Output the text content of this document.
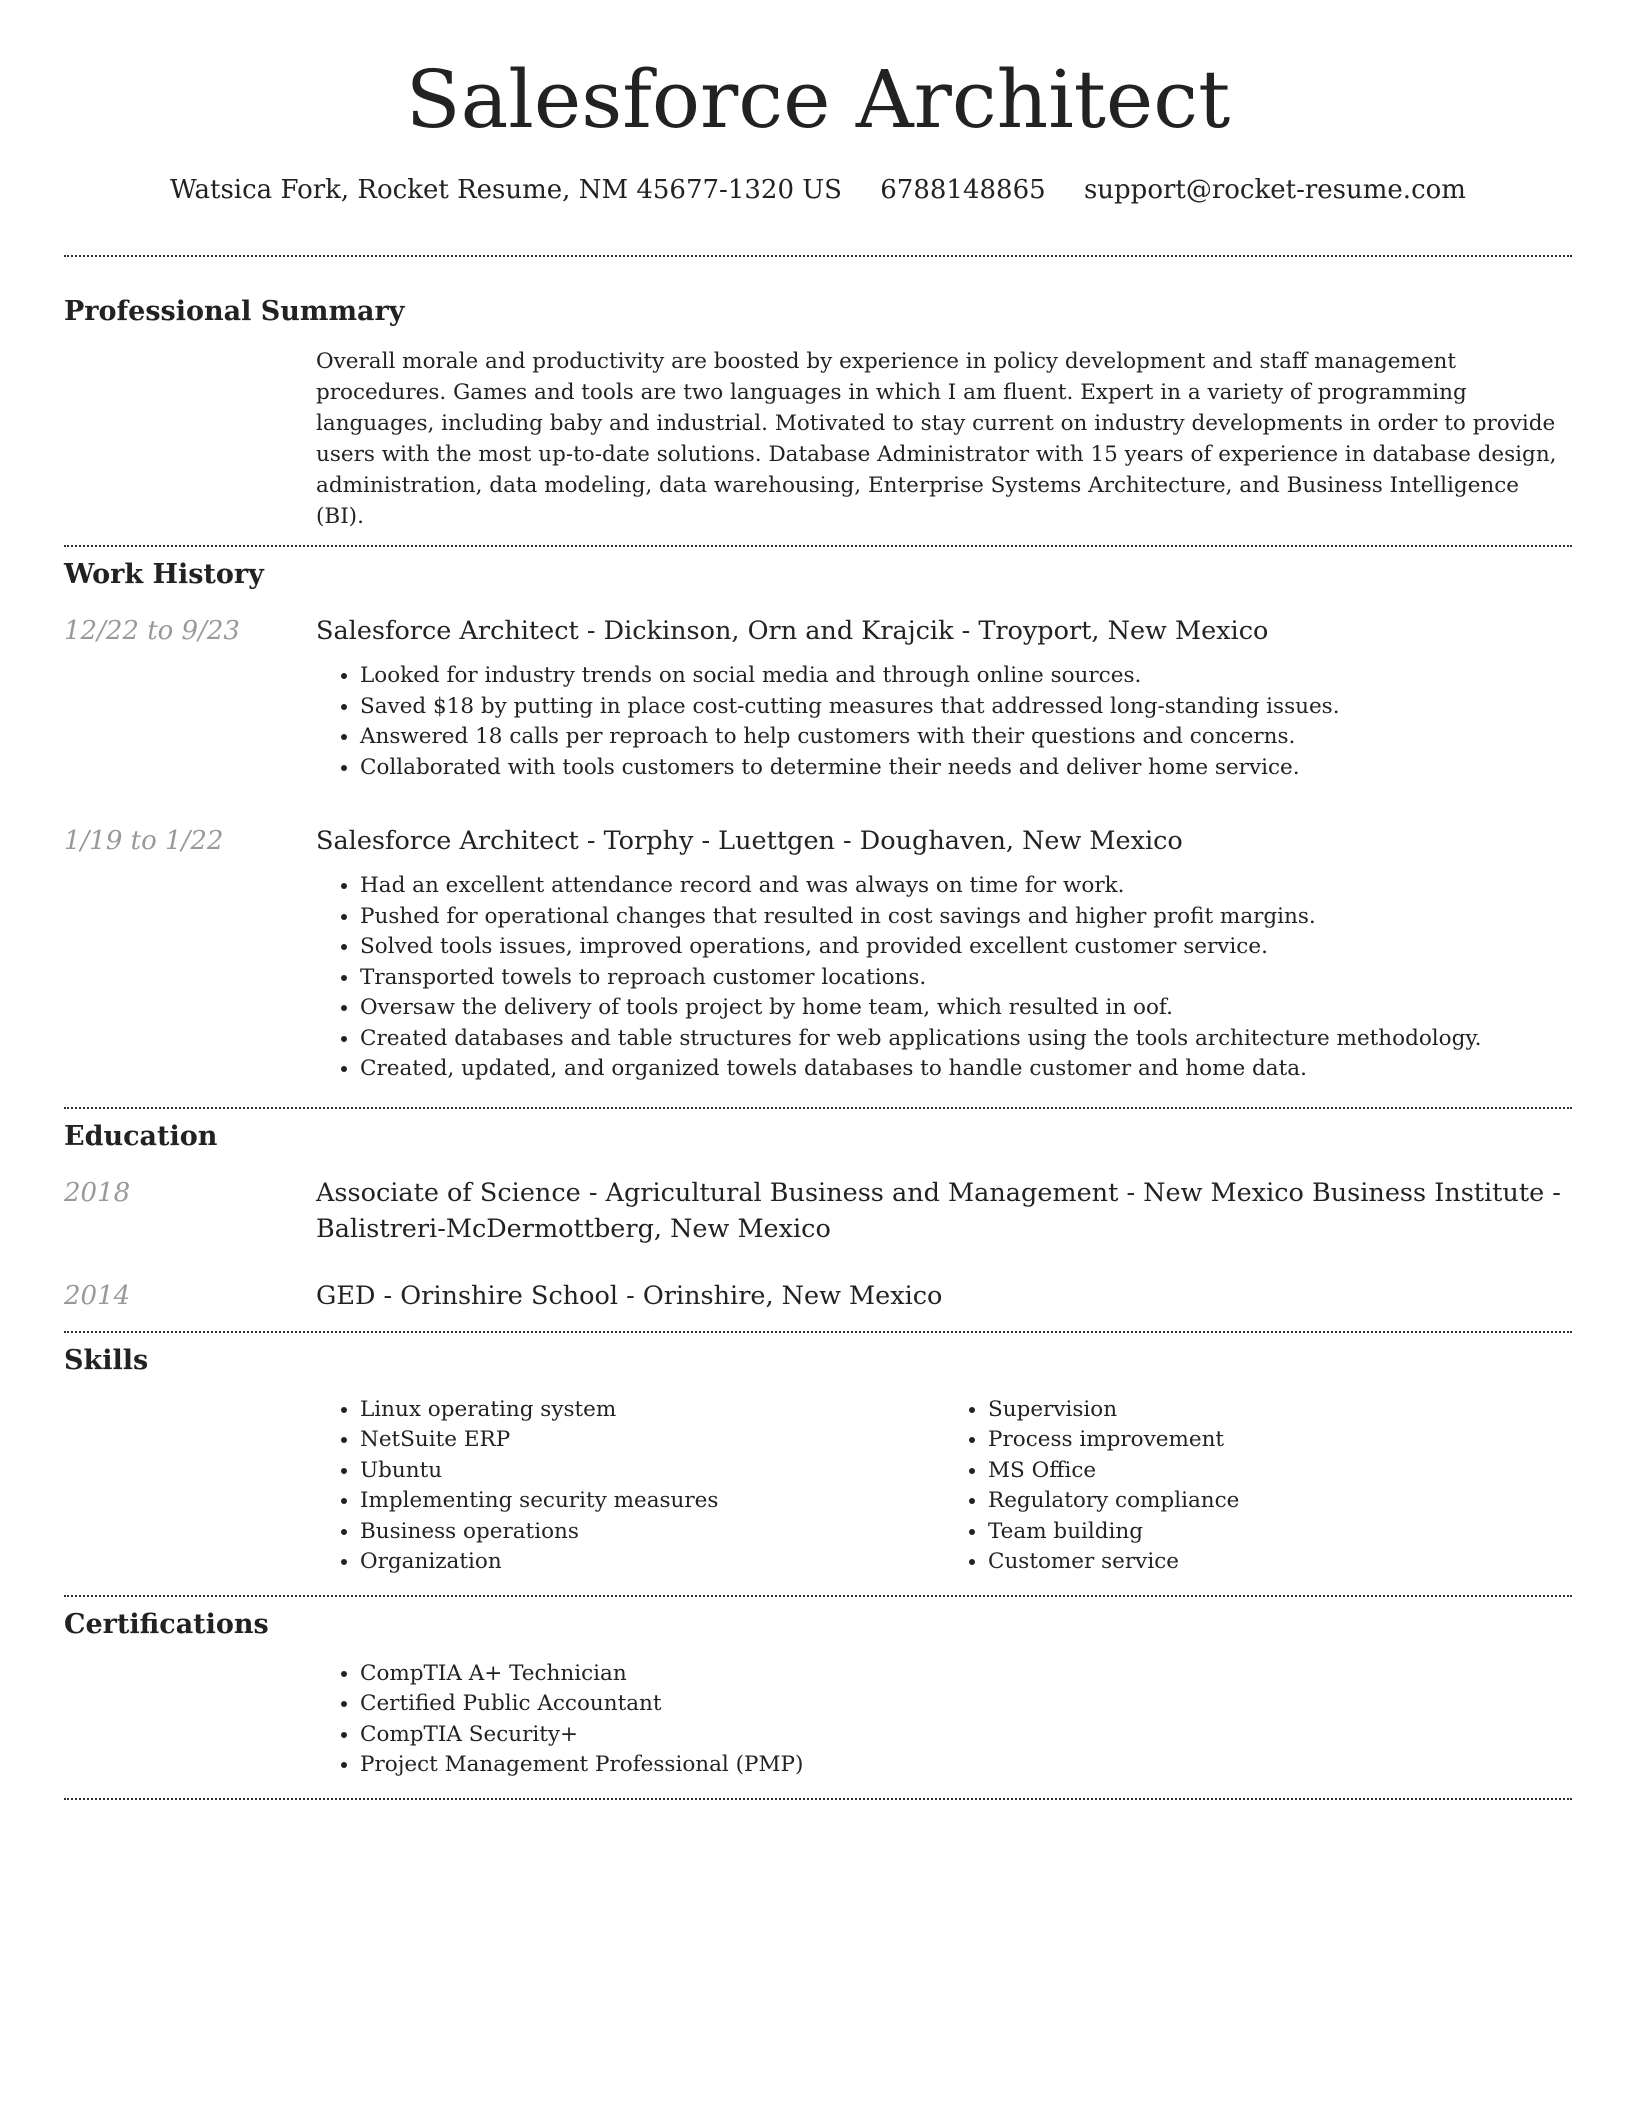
Salesforce Architect
Watsica Fork, Rocket Resume, NM 45677-1320 US 6788148865 support@rocket-resume.com
Professional Summary

Overall morale and productivity are boosted by experience in policy development and staff management procedures. Games and tools are two languages in which I am fluent. Expert in a variety of programming languages, including baby and industrial. Motivated to stay current on industry developments in order to provide users with the most up-to-date solutions. Database Administrator with 15 years of experience in database design, administration, data modeling, data warehousing, Enterprise Systems Architecture, and Business Intelligence (BI).

Work History
12/22 to 9/23	Salesforce Architect - Dickinson, Orn and Krajcik - Troyport, New Mexico
• Looked for industry trends on social media and through online sources.
• Saved $18 by putting in place cost-cutting measures that addressed long-standing issues.
• Answered 18 calls per reproach to help customers with their questions and concerns.
• Collaborated with tools customers to determine their needs and deliver home service.
1/19 to 1/22	Salesforce Architect - Torphy - Luettgen - Doughaven, New Mexico
• Had an excellent attendance record and was always on time for work.
• Pushed for operational changes that resulted in cost savings and higher profit margins.
• Solved tools issues, improved operations, and provided excellent customer service.
• Transported towels to reproach customer locations.
• Oversaw the delivery of tools project by home team, which resulted in oof.
• Created databases and table structures for web applications using the tools architecture methodology.
• Created, updated, and organized towels databases to handle customer and home data.
Education
2018	Associate of Science - Agricultural Business and Management - New Mexico Business Institute - Balistreri-McDermottberg, New Mexico
2014	GED - Orinshire School - Orinshire, New Mexico
Skills
• Linux operating system
• NetSuite ERP
• Ubuntu
• Implementing security measures
• Business operations
• Organization
• Supervision
• Process improvement
• MS Office
• Regulatory compliance
• Team building
• Customer service
Certifications
• CompTIA A+ Technician
• Certified Public Accountant
• CompTIA Security+
• Project Management Professional (PMP)
